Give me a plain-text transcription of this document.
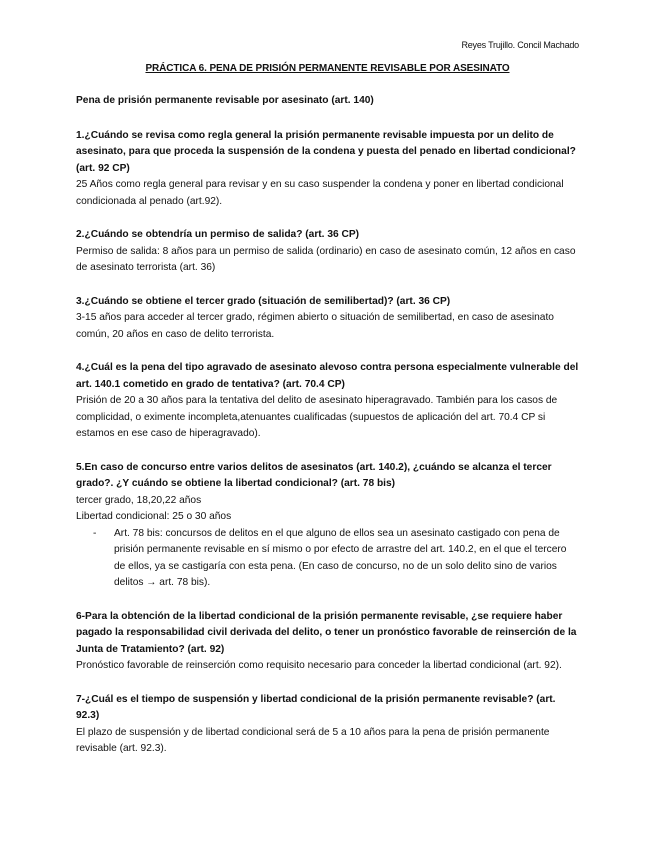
Reyes Trujillo. Concil Machado
PRÁCTICA 6. PENA DE PRISIÓN PERMANENTE REVISABLE POR ASESINATO

Pena de prisión permanente revisable por asesinato (art. 140)

1.¿Cuándo se revisa como regla general la prisión permanente revisable impuesta por un delito de asesinato, para que proceda la suspensión de la condena y puesta del penado en libertad condicional? (art. 92 CP)

25 Años como regla general para revisar y en su caso suspender la condena y poner en libertad condicional condicionada al penado (art.92).

2.¿Cuándo se obtendría un permiso de salida? (art. 36 CP)

Permiso de salida: 8 años para un permiso de salida (ordinario) en caso de asesinato común, 12 años en caso de asesinato terrorista (art. 36)

3.¿Cuándo se obtiene el tercer grado (situación de semilibertad)? (art. 36 CP)

3-15 años para acceder al tercer grado, régimen abierto o situación de semilibertad, en caso de asesinato común, 20 años en caso de delito terrorista.

4.¿Cuál es la pena del tipo agravado de asesinato alevoso contra persona especialmente vulnerable del art. 140.1 cometido en grado de tentativa? (art. 70.4 CP)

Prisión de 20 a 30 años para la tentativa del delito de asesinato hiperagravado. También para los casos de complicidad, o eximente incompleta,atenuantes cualificadas (supuestos de aplicación del art. 70.4 CP si estamos en ese caso de hiperagravado).

5.En caso de concurso entre varios delitos de asesinatos (art. 140.2), ¿cuándo se alcanza el tercer grado?. ¿Y cuándo se obtiene la libertad condicional? (art. 78 bis)

tercer grado, 18,20,22 años

Libertad condicional: 25 o 30 años

- Art. 78 bis: concursos de delitos en el que alguno de ellos sea un asesinato castigado con pena de prisión permanente revisable en sí mismo o por efecto de arrastre del art. 140.2, en el que el tercero de ellos, ya se castigaría con esta pena. (En caso de concurso, no de un solo delito sino de varios delitos → art. 78 bis).

6-Para la obtención de la libertad condicional de la prisión permanente revisable, ¿se requiere haber pagado la responsabilidad civil derivada del delito, o tener un pronóstico favorable de reinserción de la Junta de Tratamiento? (art. 92)

Pronóstico favorable de reinserción como requisito necesario para conceder la libertad condicional (art. 92).

7-¿Cuál es el tiempo de suspensión y libertad condicional de la prisión permanente revisable? (art. 92.3)

El plazo de suspensión y de libertad condicional será de 5 a 10 años para la pena de prisión permanente revisable (art. 92.3).
